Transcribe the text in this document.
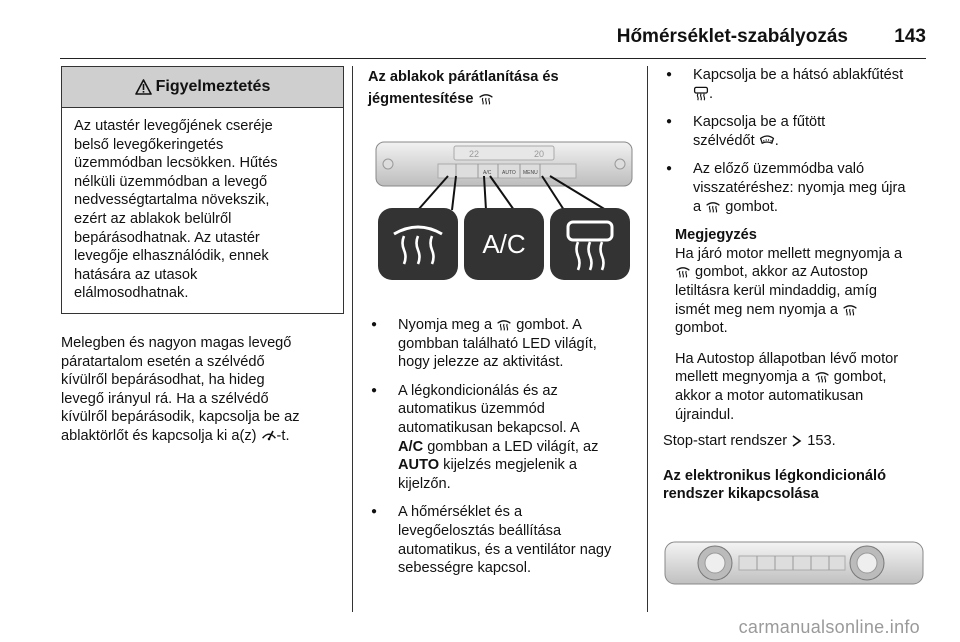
Hőmérséklet-szabályozás 143
Figyelmeztetés
Az utastér levegőjének cseréje
belső levegőkeringetés
üzemmódban lecsökken. Hűtés
nélküli üzemmódban a levegő
nedvességtartalma növekszik,
ezért az ablakok belülről
bepárásodhatnak. Az utastér
levegője elhasználódik, ennek
hatására az utasok
elálmosodhatnak.
Melegben és nagyon magas levegő
páratartalom esetén a szélvédő
kívülről bepárásodhat, ha hideg
levegő irányul rá. Ha a szélvédő
kívülről bepárásodik, kapcsolja be az
ablaktörlőt és kapcsolja ki a(z) -t.
Az ablakok párátlanítása és
jégmentesítése
22	20
A/C AUTO MENU
A/C
● Nyomja meg a  gombot. A
gombban található LED világít,
hogy jelezze az aktivitást.
● A légkondicionálás és az
automatikus üzemmód
automatikusan bekapcsol. A
A/C gombban a LED világít, az
AUTO kijelzés megjelenik a
kijelzőn.
● A hőmérséklet és a
levegőelosztás beállítása
automatikus, és a ventilátor nagy
sebességre kapcsol.
● Kapcsolja be a hátsó ablakfűtést
.
● Kapcsolja be a fűtött
szélvédőt .
● Az előző üzemmódba való
visszatéréshez: nyomja meg újra
a  gombot.
Megjegyzés
Ha járó motor mellett megnyomja a
gombot, akkor az Autostop
letiltásra kerül mindaddig, amíg
ismét meg nem nyomja a
gombot.
Ha Autostop állapotban lévő motor
mellett megnyomja a  gombot,
akkor a motor automatikusan
újraindul.
Stop-start rendszer  153.
Az elektronikus légkondicionáló
rendszer kikapcsolása
carmanualsonline.info
